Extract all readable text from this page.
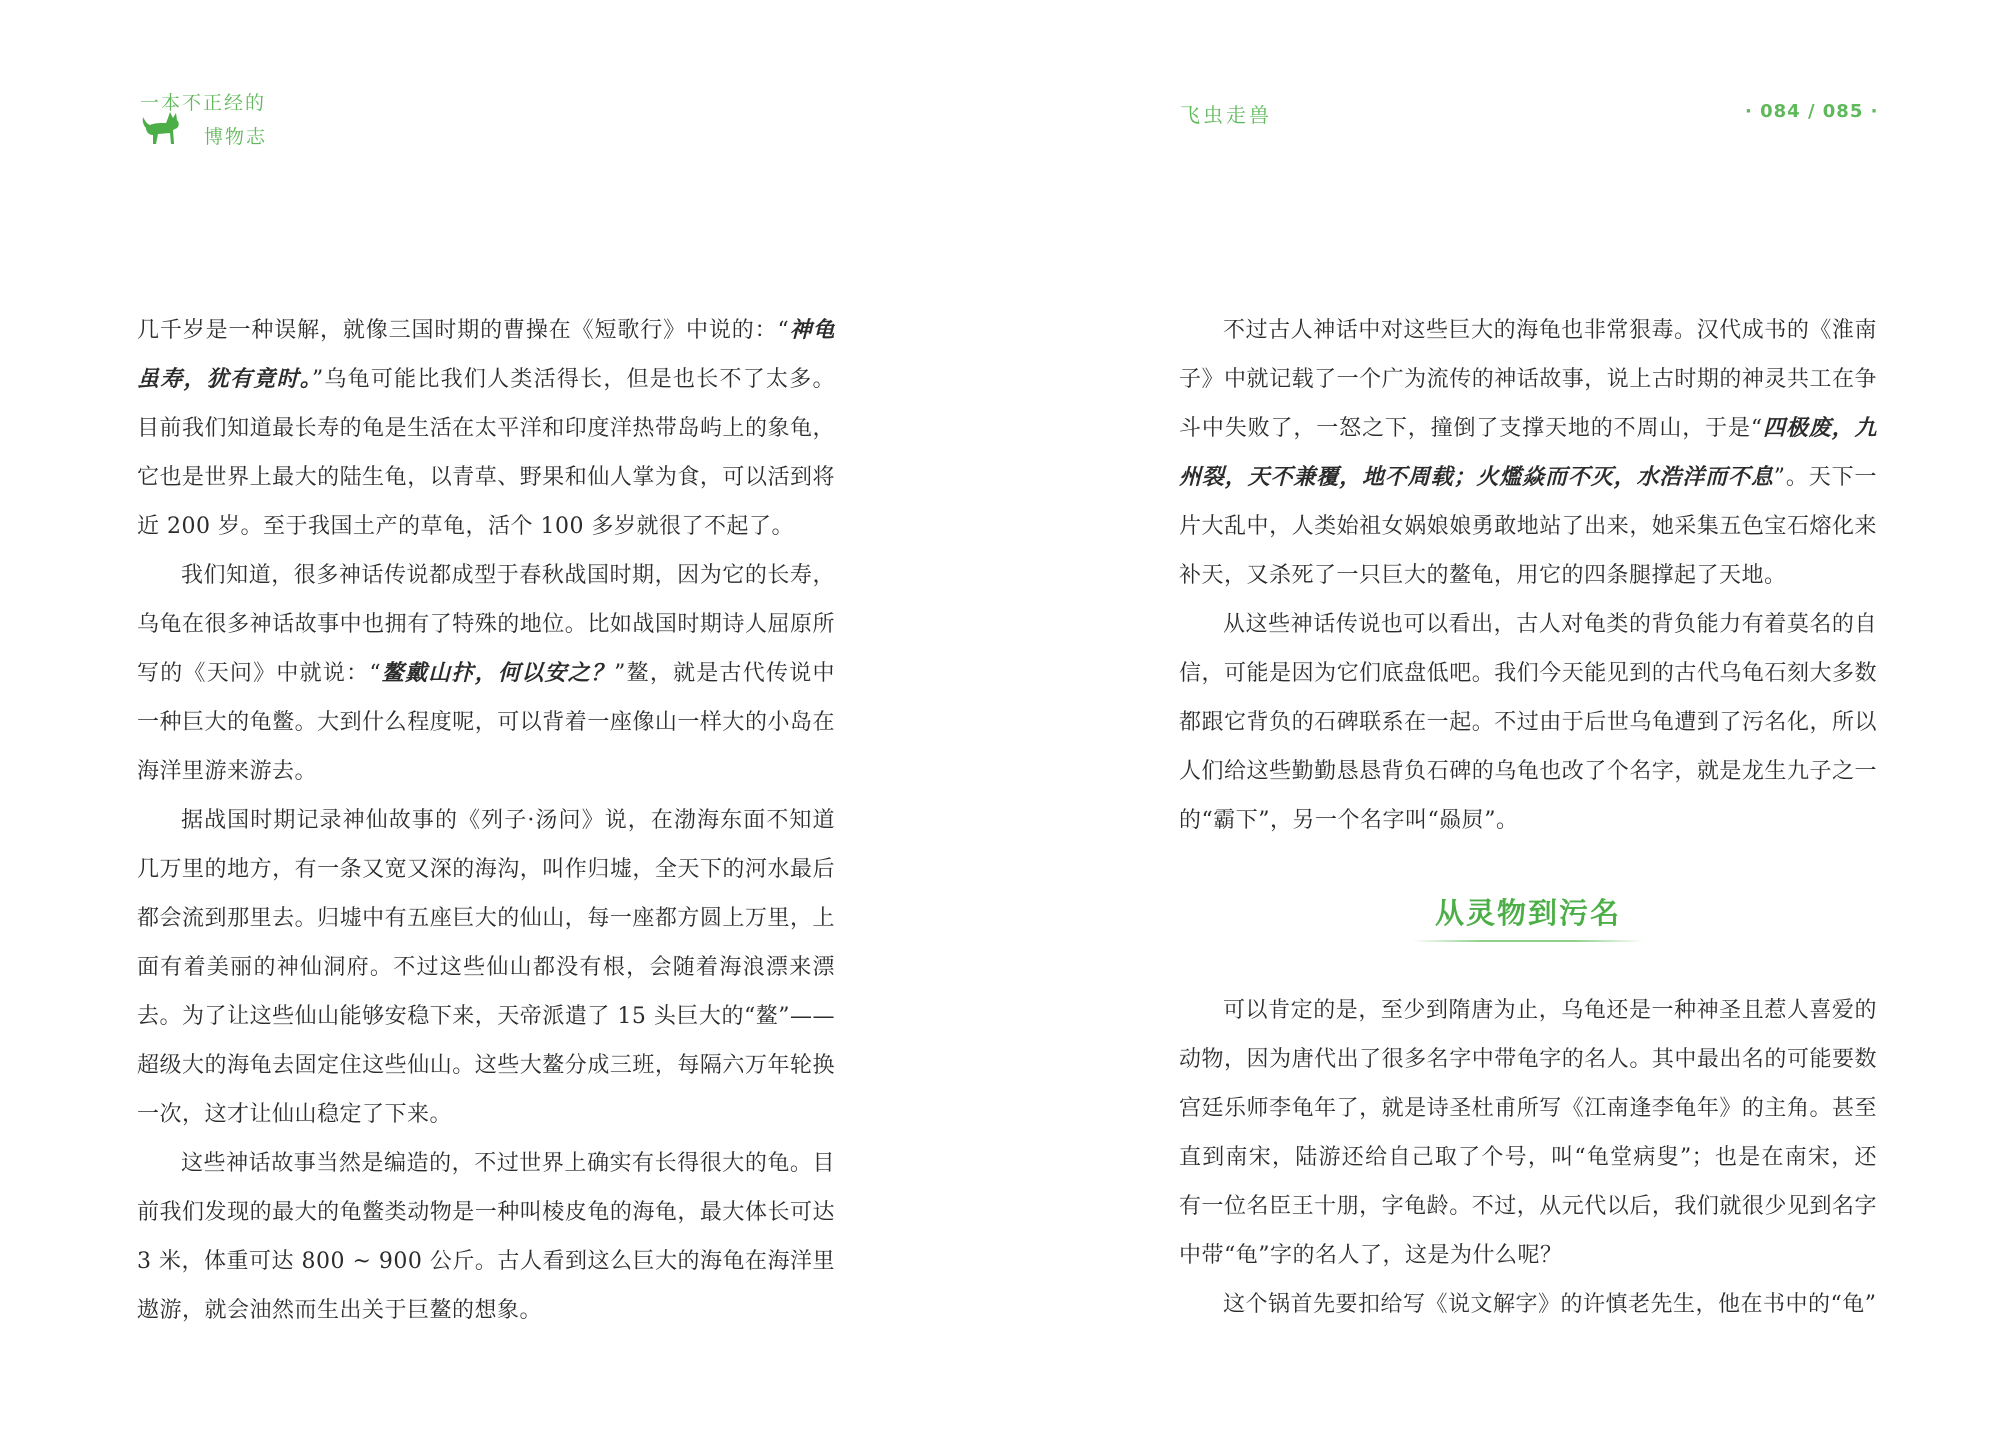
一本不正经的
博物志
飞虫走兽	· 084 / 085 ·

几千岁是一种误解，就像三国时期的曹操在《短歌行》中说的：“神龟虽寿，犹有竟时。”乌龟可能比我们人类活得长，但是也长不了太多。目前我们知道最长寿的龟是生活在太平洋和印度洋热带岛屿上的象龟，它也是世界上最大的陆生龟，以青草、野果和仙人掌为食，可以活到将近 200 岁。至于我国土产的草龟，活个 100 多岁就很了不起了。

我们知道，很多神话传说都成型于春秋战国时期，因为它的长寿，乌龟在很多神话故事中也拥有了特殊的地位。比如战国时期诗人屈原所写的《天问》中就说：“鳌戴山抃，何以安之？”鳌，就是古代传说中一种巨大的龟鳖。大到什么程度呢，可以背着一座像山一样大的小岛在海洋里游来游去。

据战国时期记录神仙故事的《列子·汤问》说，在渤海东面不知道几万里的地方，有一条又宽又深的海沟，叫作归墟，全天下的河水最后都会流到那里去。归墟中有五座巨大的仙山，每一座都方圆上万里，上面有着美丽的神仙洞府。不过这些仙山都没有根，会随着海浪漂来漂去。为了让这些仙山能够安稳下来，天帝派遣了 15 头巨大的“鳌”——超级大的海龟去固定住这些仙山。这些大鳌分成三班，每隔六万年轮换一次，这才让仙山稳定了下来。

这些神话故事当然是编造的，不过世界上确实有长得很大的龟。目前我们发现的最大的龟鳖类动物是一种叫棱皮龟的海龟，最大体长可达 3 米，体重可达 800 ~ 900 公斤。古人看到这么巨大的海龟在海洋里遨游，就会油然而生出关于巨鳌的想象。

不过古人神话中对这些巨大的海龟也非常狠毒。汉代成书的《淮南子》中就记载了一个广为流传的神话故事，说上古时期的神灵共工在争斗中失败了，一怒之下，撞倒了支撑天地的不周山，于是“四极废，九州裂，天不兼覆，地不周载；火爁焱而不灭，水浩洋而不息”。天下一片大乱中，人类始祖女娲娘娘勇敢地站了出来，她采集五色宝石熔化来补天，又杀死了一只巨大的鳌龟，用它的四条腿撑起了天地。

从这些神话传说也可以看出，古人对龟类的背负能力有着莫名的自信，可能是因为它们底盘低吧。我们今天能见到的古代乌龟石刻大多数都跟它背负的石碑联系在一起。不过由于后世乌龟遭到了污名化，所以人们给这些勤勤恳恳背负石碑的乌龟也改了个名字，就是龙生九子之一的“霸下”，另一个名字叫“赑屃”。

从灵物到污名

可以肯定的是，至少到隋唐为止，乌龟还是一种神圣且惹人喜爱的动物，因为唐代出了很多名字中带龟字的名人。其中最出名的可能要数宫廷乐师李龟年了，就是诗圣杜甫所写《江南逢李龟年》的主角。甚至直到南宋，陆游还给自己取了个号，叫“龟堂病叟”；也是在南宋，还有一位名臣王十朋，字龟龄。不过，从元代以后，我们就很少见到名字中带“龟”字的名人了，这是为什么呢？

这个锅首先要扣给写《说文解字》的许慎老先生，他在书中的“龟”
